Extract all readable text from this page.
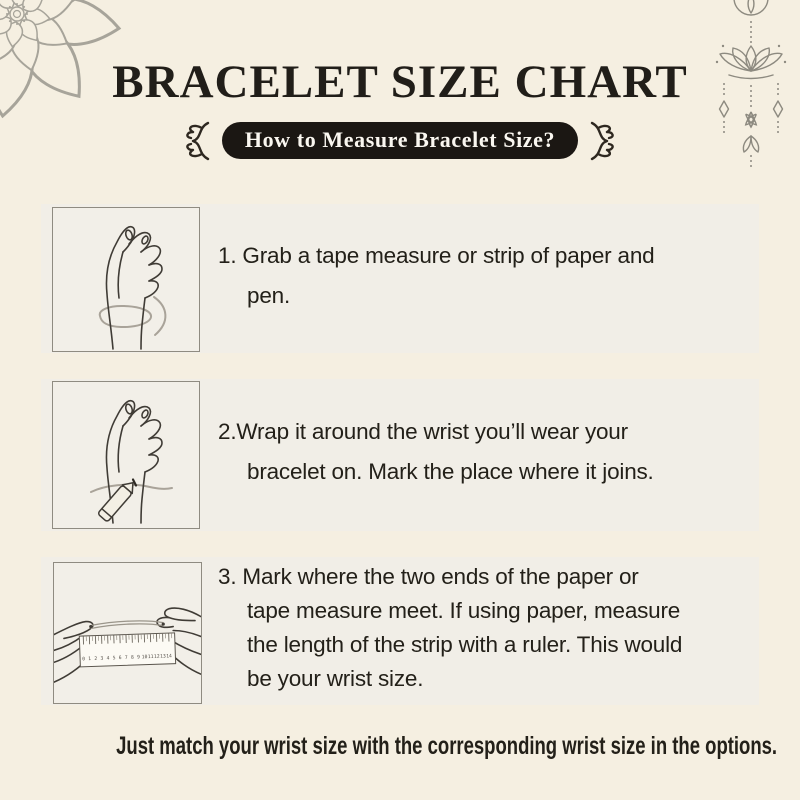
BRACELET SIZE CHART
How to Measure Bracelet Size?
1. Grab a tape measure or strip of paper and
pen.
2.Wrap it around the wrist you’ll wear your
bracelet on. Mark the place where it joins.
0 1 2 3 4 5 6 7 8 9 10 11 12 13 14
3. Mark where the two ends of the paper or
tape measure meet. If using paper, measure
the length of the strip with a ruler. This would
be your wrist size.
Just match your wrist size with the corresponding wrist size in the options.
